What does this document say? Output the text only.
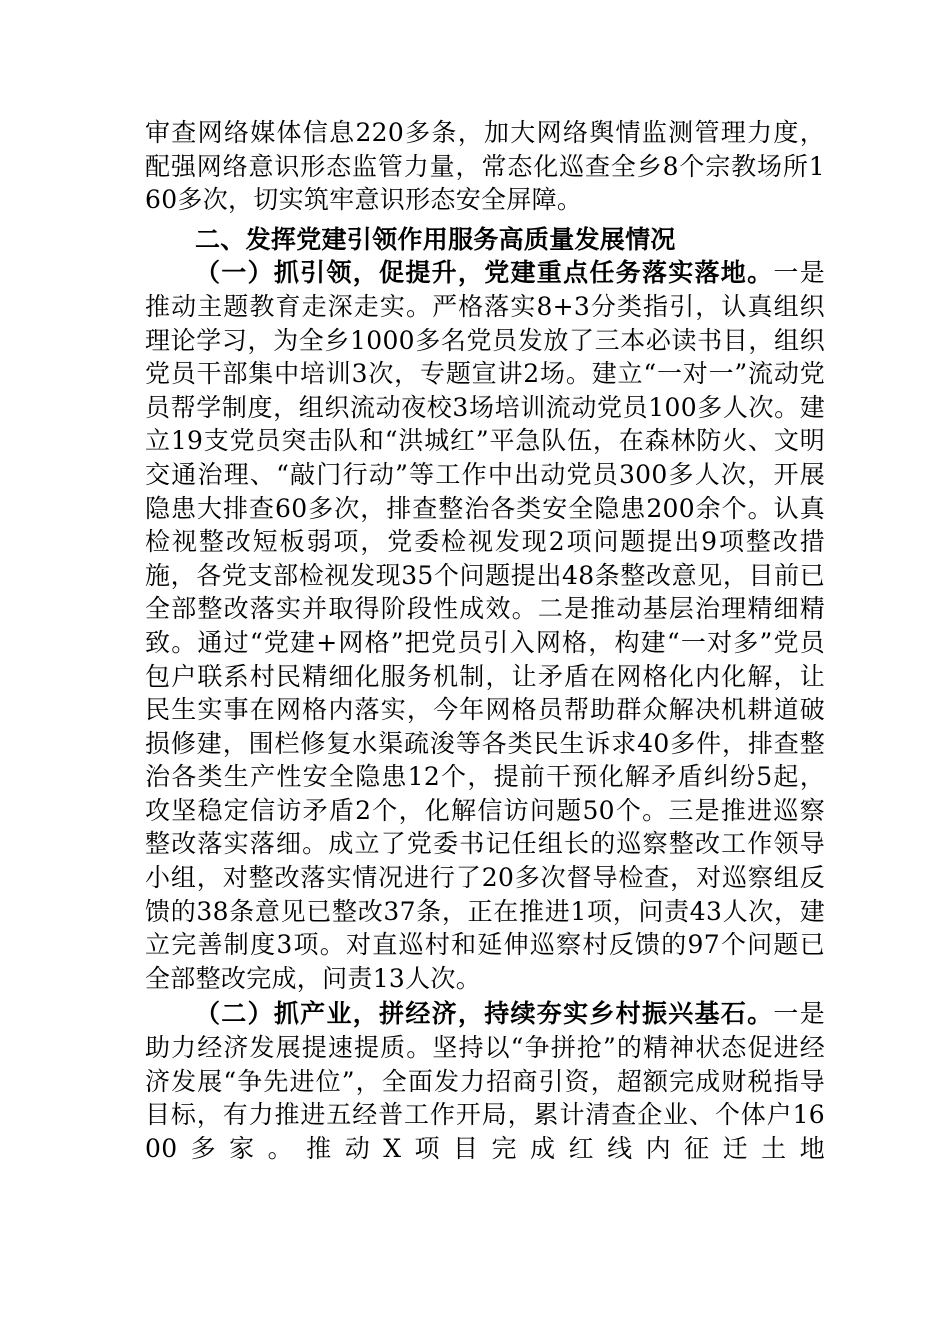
审查网络媒体信息220多条，加大网络舆情监测管理力度，配强网络意识形态监管力量，常态化巡查全乡8个宗教场所160多次，切实筑牢意识形态安全屏障。

二、发挥党建引领作用服务高质量发展情况

（一）抓引领，促提升，党建重点任务落实落地。一是推动主题教育走深走实。严格落实8+3分类指引，认真组织理论学习，为全乡1000多名党员发放了三本必读书目，组织党员干部集中培训3次，专题宣讲2场。建立“一对一”流动党员帮学制度，组织流动夜校3场培训流动党员100多人次。建立19支党员突击队和“洪城红”平急队伍，在森林防火、文明交通治理、“敲门行动”等工作中出动党员300多人次，开展隐患大排查60多次，排查整治各类安全隐患200余个。认真检视整改短板弱项，党委检视发现2项问题提出9项整改措施，各党支部检视发现35个问题提出48条整改意见，目前已全部整改落实并取得阶段性成效。二是推动基层治理精细精致。通过“党建+网格”把党员引入网格，构建“一对多”党员包户联系村民精细化服务机制，让矛盾在网格化内化解，让民生实事在网格内落实，今年网格员帮助群众解决机耕道破损修建，围栏修复水渠疏浚等各类民生诉求40多件，排查整治各类生产性安全隐患12个，提前干预化解矛盾纠纷5起，攻坚稳定信访矛盾2个，化解信访问题50个。三是推进巡察整改落实落细。成立了党委书记任组长的巡察整改工作领导小组，对整改落实情况进行了20多次督导检查，对巡察组反馈的38条意见已整改37条，正在推进1项，问责43人次，建立完善制度3项。对直巡村和延伸巡察村反馈的97个问题已全部整改完成，问责13人次。

（二）抓产业，拼经济，持续夯实乡村振兴基石。一是助力经济发展提速提质。坚持以“争拼抢”的精神状态促进经济发展“争先进位”，全面发力招商引资，超额完成财税指导目标，有力推进五经普工作开局，累计清查企业、个体户1600多家。推动X项目完成红线内征迁土地
